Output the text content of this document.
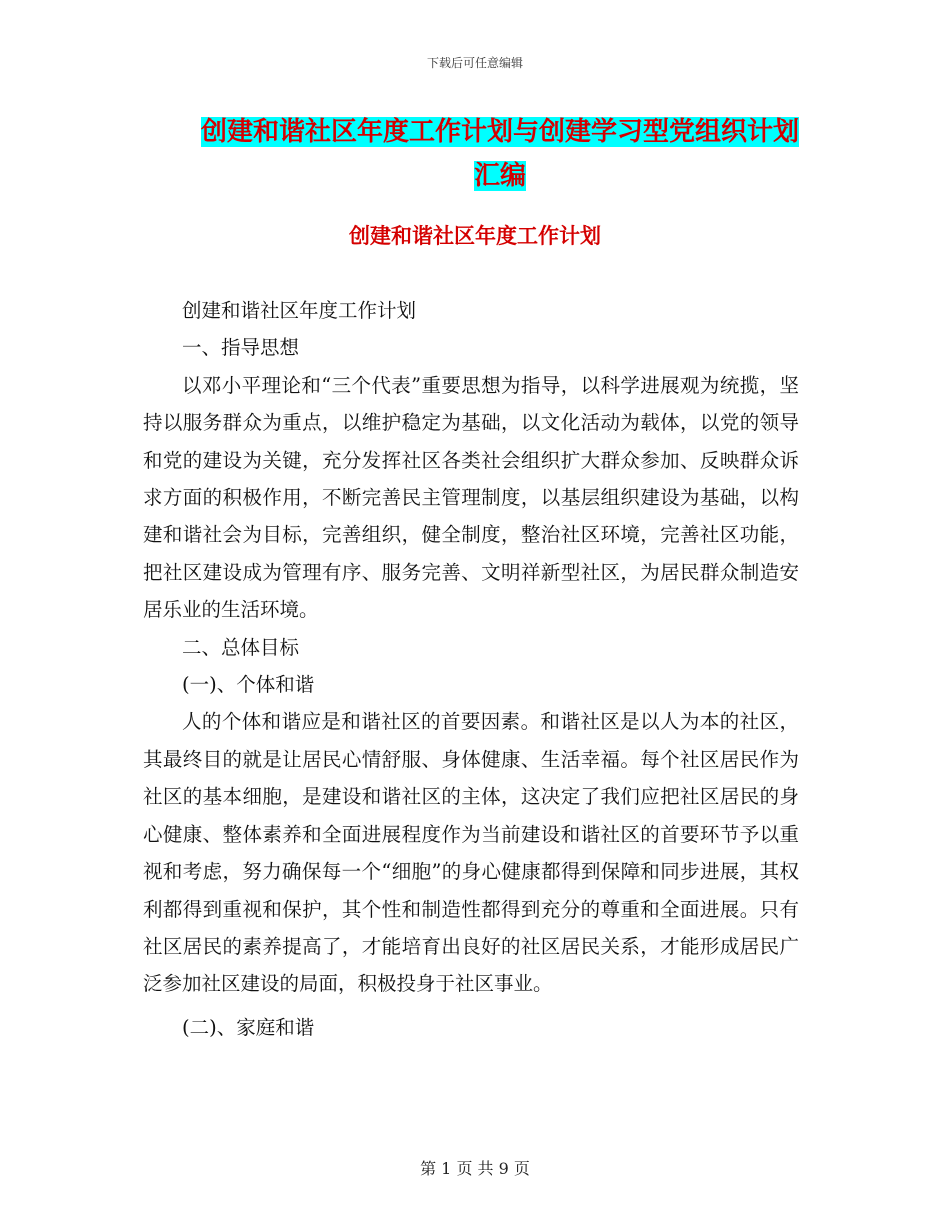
下载后可任意编辑
创建和谐社区年度工作计划与创建学习型党组织计划
汇编
创建和谐社区年度工作计划

创建和谐社区年度工作计划

一、指导思想

以邓小平理论和“三个代表”重要思想为指导，以科学进展观为统揽，坚持以服务群众为重点，以维护稳定为基础，以文化活动为载体，以党的领导和党的建设为关键，充分发挥社区各类社会组织扩大群众参加、反映群众诉求方面的积极作用，不断完善民主管理制度，以基层组织建设为基础，以构建和谐社会为目标，完善组织，健全制度，整治社区环境，完善社区功能，把社区建设成为管理有序、服务完善、文明祥新型社区，为居民群众制造安居乐业的生活环境。

二、总体目标

(一)、个体和谐

人的个体和谐应是和谐社区的首要因素。和谐社区是以人为本的社区，其最终目的就是让居民心情舒服、身体健康、生活幸福。每个社区居民作为社区的基本细胞，是建设和谐社区的主体，这决定了我们应把社区居民的身心健康、整体素养和全面进展程度作为当前建设和谐社区的首要环节予以重视和考虑，努力确保每一个“细胞”的身心健康都得到保障和同步进展，其权利都得到重视和保护，其个性和制造性都得到充分的尊重和全面进展。只有社区居民的素养提高了，才能培育出良好的社区居民关系，才能形成居民广泛参加社区建设的局面，积极投身于社区事业。

(二)、家庭和谐

第 1 页 共 9 页
